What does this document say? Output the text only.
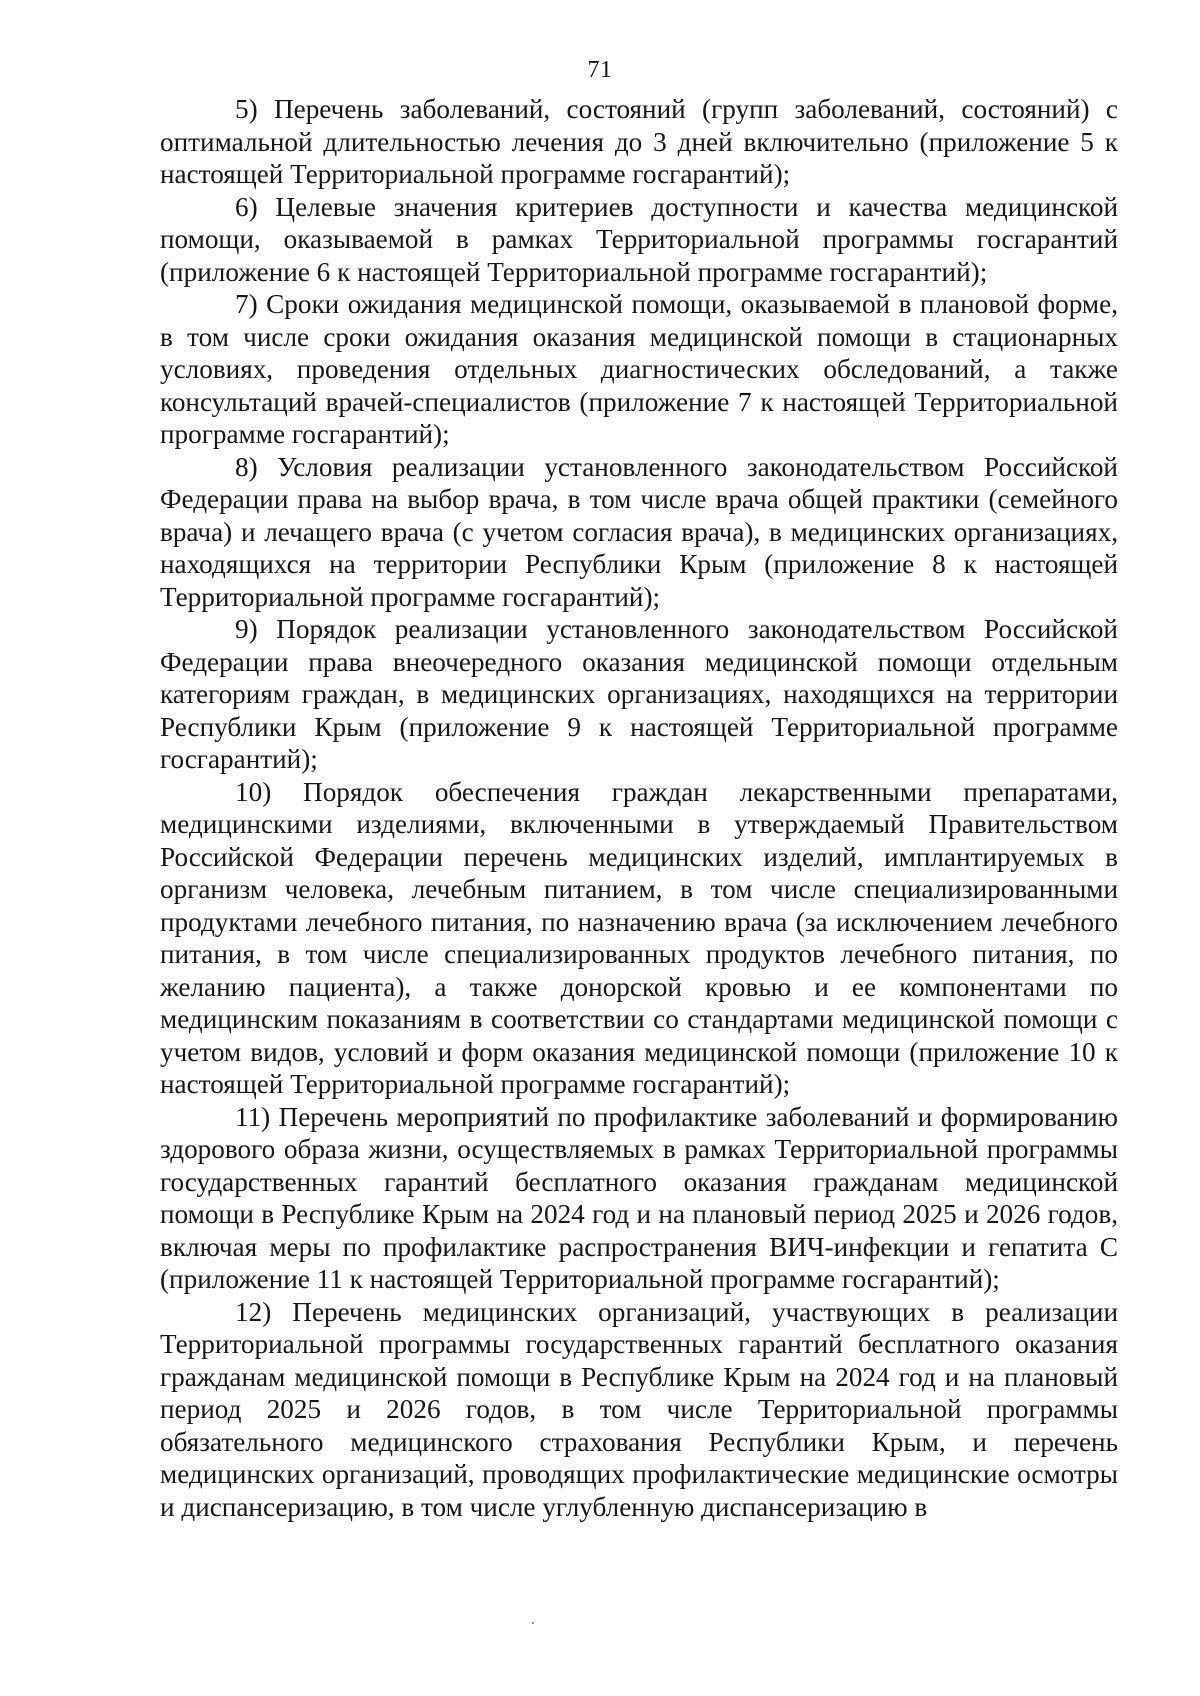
71

5) Перечень заболеваний, состояний (групп заболеваний, состояний) с оптимальной длительностью лечения до 3 дней включительно (приложение 5 к настоящей Территориальной программе госгарантий);

6) Целевые значения критериев доступности и качества медицинской помощи, оказываемой в рамках Территориальной программы госгарантий (приложение 6 к настоящей Территориальной программе госгарантий);

7) Сроки ожидания медицинской помощи, оказываемой в плановой форме, в том числе сроки ожидания оказания медицинской помощи в стационарных условиях, проведения отдельных диагностических обследований, а также консультаций врачей-специалистов (приложение 7 к настоящей Территориальной программе госгарантий);

8) Условия реализации установленного законодательством Российской Федерации права на выбор врача, в том числе врача общей практики (семейного врача) и лечащего врача (с учетом согласия врача), в медицинских организациях, находящихся на территории Республики Крым (приложение 8 к настоящей Территориальной программе госгарантий);

9) Порядок реализации установленного законодательством Российской Федерации права внеочередного оказания медицинской помощи отдельным категориям граждан, в медицинских организациях, находящихся на территории Республики Крым (приложение 9 к настоящей Территориальной программе госгарантий);

10) Порядок обеспечения граждан лекарственными препаратами, медицинскими изделиями, включенными в утверждаемый Правительством Российской Федерации перечень медицинских изделий, имплантируемых в организм человека, лечебным питанием, в том числе специализированными продуктами лечебного питания, по назначению врача (за исключением лечебного питания, в том числе специализированных продуктов лечебного питания, по желанию пациента), а также донорской кровью и ее компонентами по медицинским показаниям в соответствии со стандартами медицинской помощи с учетом видов, условий и форм оказания медицинской помощи (приложение 10 к настоящей Территориальной программе госгарантий);

11) Перечень мероприятий по профилактике заболеваний и формированию здорового образа жизни, осуществляемых в рамках Территориальной программы государственных гарантий бесплатного оказания гражданам медицинской помощи в Республике Крым на 2024 год и на плановый период 2025 и 2026 годов, включая меры по профилактике распространения ВИЧ-инфекции и гепатита С (приложение 11 к настоящей Территориальной программе госгарантий);

12) Перечень медицинских организаций, участвующих в реализации Территориальной программы государственных гарантий бесплатного оказания гражданам медицинской помощи в Республике Крым на 2024 год и на плановый период 2025 и 2026 годов, в том числе Территориальной программы обязательного медицинского страхования Республики Крым, и перечень медицинских организаций, проводящих профилактические медицинские осмотры и диспансеризацию, в том числе углубленную диспансеризацию в
